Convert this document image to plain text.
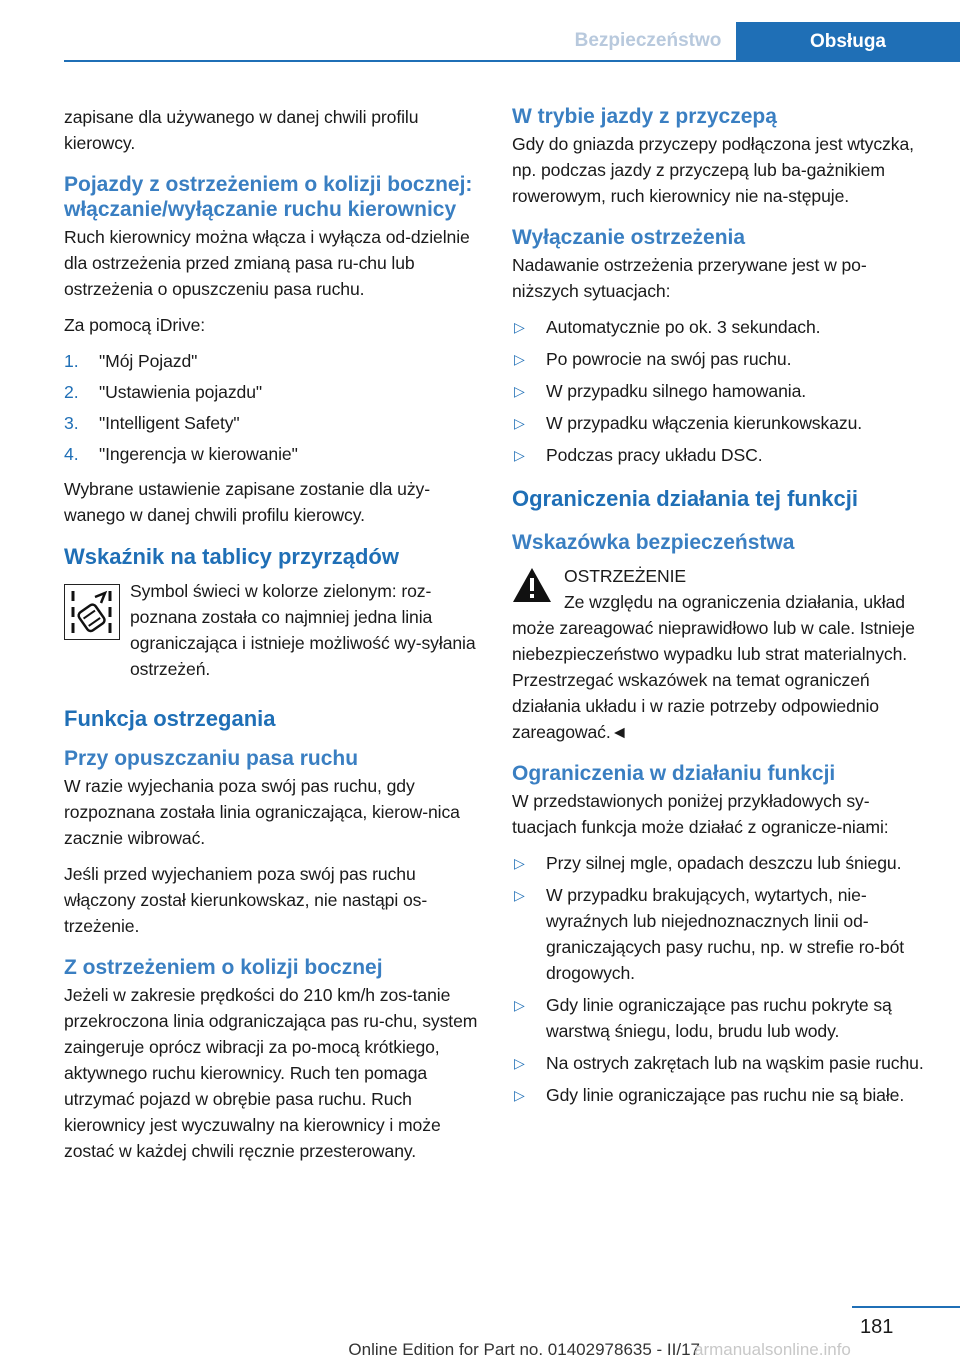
Bezpieczeństwo	Obsługa

zapisane dla używanego w danej chwili profilu kierowcy.

Pojazdy z ostrzeżeniem o kolizji bocznej: włączanie/wyłączanie ruchu kierownicy

Ruch kierownicy można włącza i wyłącza od-dzielnie dla ostrzeżenia przed zmianą pasa ru-chu lub ostrzeżenia o opuszczeniu pasa ruchu.

Za pomocą iDrive:

1.	"Mój Pojazd"
2.	"Ustawienia pojazdu"
3.	"Intelligent Safety"
4.	"Ingerencja w kierowanie"

Wybrane ustawienie zapisane zostanie dla uży-wanego w danej chwili profilu kierowcy.

Wskaźnik na tablicy przyrządów

Symbol świeci w kolorze zielonym: roz-poznana została co najmniej jedna linia ograniczająca i istnieje możliwość wy-syłania ostrzeżeń.

Funkcja ostrzegania
Przy opuszczaniu pasa ruchu

W razie wyjechania poza swój pas ruchu, gdy rozpoznana została linia ograniczająca, kierow-nica zacznie wibrować.

Jeśli przed wyjechaniem poza swój pas ruchu włączony został kierunkowskaz, nie nastąpi os-trzeżenie.

Z ostrzeżeniem o kolizji bocznej

Jeżeli w zakresie prędkości do 210 km/h zos-tanie przekroczona linia odgraniczająca pas ru-chu, system zaingeruje oprócz wibracji za po-mocą krótkiego, aktywnego ruchu kierownicy. Ruch ten pomaga utrzymać pojazd w obrębie pasa ruchu. Ruch kierownicy jest wyczuwalny na kierownicy i może zostać w każdej chwili ręcznie przesterowany.

W trybie jazdy z przyczepą

Gdy do gniazda przyczepy podłączona jest wtyczka, np. podczas jazdy z przyczepą lub ba-gażnikiem rowerowym, ruch kierownicy nie na-stępuje.

Wyłączanie ostrzeżenia

Nadawanie ostrzeżenia przerywane jest w po-niższych sytuacjach:

▷	Automatycznie po ok. 3 sekundach.
▷	Po powrocie na swój pas ruchu.
▷	W przypadku silnego hamowania.
▷	W przypadku włączenia kierunkowskazu.
▷	Podczas pracy układu DSC.
Ograniczenia działania tej funkcji
Wskazówka bezpieczeństwa

OSTRZEŻENIE

Ze względu na ograniczenia działania, układ może zareagować nieprawidłowo lub w cale. Istnieje niebezpieczeństwo wypadku lub strat materialnych. Przestrzegać wskazówek na temat ograniczeń działania układu i w razie potrzeby odpowiednio zareagować.◄

Ograniczenia w działaniu funkcji

W przedstawionych poniżej przykładowych sy-tuacjach funkcja może działać z ogranicze-niami:

▷	Przy silnej mgle, opadach deszczu lub śniegu.
▷	W przypadku brakujących, wytartych, nie-wyraźnych lub niejednoznacznych linii od-graniczających pasy ruchu, np. w strefie ro-bót drogowych.
▷	Gdy linie ograniczające pas ruchu pokryte są warstwą śniegu, lodu, brudu lub wody.
▷	Na ostrych zakrętach lub na wąskim pasie ruchu.
▷	Gdy linie ograniczające pas ruchu nie są białe.
181
Online Edition for Part no. 01402978635 - II/17
armanualsonline.info
